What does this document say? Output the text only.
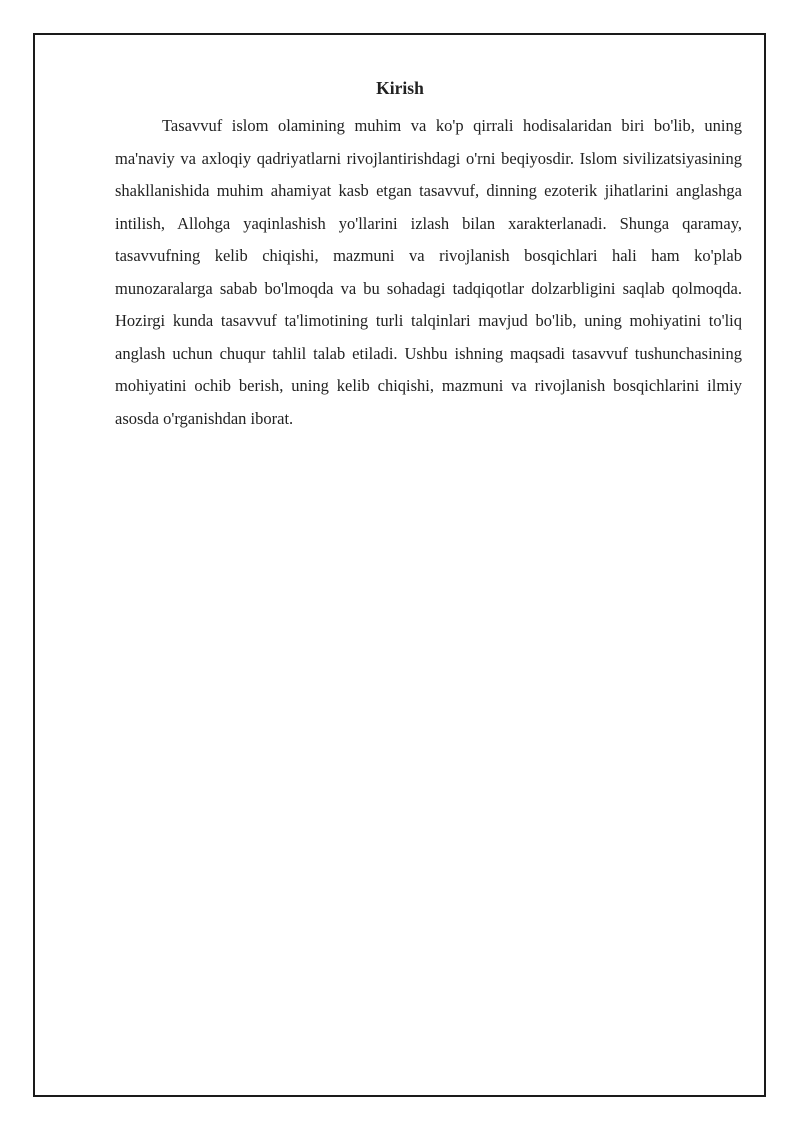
Kirish

Tasavvuf islom olamining muhim va ko'p qirrali hodisalaridan biri bo'lib, uning ma'naviy va axloqiy qadriyatlarni rivojlantirishdagi o'rni beqiyosdir. Islom sivilizatsiyasining shakllanishida muhim ahamiyat kasb etgan tasavvuf, dinning ezoterik jihatlarini anglashga intilish, Allohga yaqinlashish yo'llarini izlash bilan xarakterlanadi. Shunga qaramay, tasavvufning kelib chiqishi, mazmuni va rivojlanish bosqichlari hali ham ko'plab munozaralarga sabab bo'lmoqda va bu sohadagi tadqiqotlar dolzarbligini saqlab qolmoqda. Hozirgi kunda tasavvuf ta'limotining turli talqinlari mavjud bo'lib, uning mohiyatini to'liq anglash uchun chuqur tahlil talab etiladi. Ushbu ishning maqsadi tasavvuf tushunchasining mohiyatini ochib berish, uning kelib chiqishi, mazmuni va rivojlanish bosqichlarini ilmiy asosda o'rganishdan iborat.
